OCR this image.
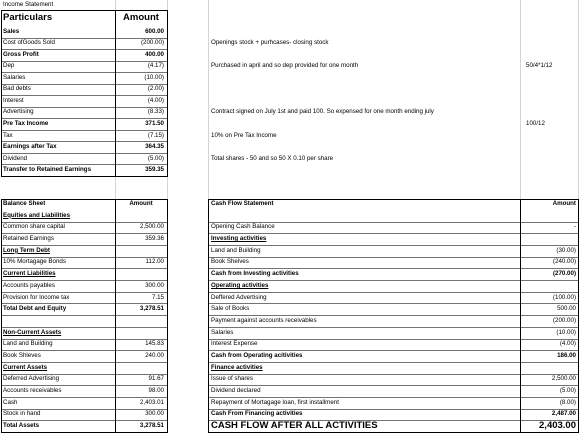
Income Statement
Particulars	Amount
Sales	600.00
Cost ofGoods Sold	(200.00)	Openings stock + purhcases- closing stock
Gross Profit	400.00
Dep	(4.17)	Purchased in april and so dep provided for one month	50/4*1/12
Salaries	(10.00)
Bad debts	(2.00)
Interest	(4.00)
Advertising	(8.33)	Contract signed on July 1st and paid 100. So expensed for one month ending july
Pre Tax Income	371.50	100/12
Tax	(7.15)	10% on Pre Tax Income
Earnings after Tax	364.35
Dividend	(5.00)	Total shares - 50 and so 50 X 0.10 per share
Transfer to Retained Earnings	359.35
Balance Sheet	Amount
Equities and Liabilities
Common share capital	2,500.00
Retained Earnings	359.36
Long Term Debt
10% Mortagage Bonds	112.00
Current Liabilities
Accounts payables	300.00
Provision for Income tax	7.15
Total Debt and Equity	3,278.51
Non-Current Assets
Land and Building	145.83
Book Shleves	240.00
Current Assets
Deferred Advertising	91.67
Accounts receivables	98.00
Cash	2,403.01
Stock in hand	300.00
Total Assets	3,278.51
Cash Flow Statement	Amount
Opening Cash Balance	-
Investing activities
Land and Building	(30.00)
Book Shelves	(240.00)
Cash from Investing activities	(270.00)
Operating activities
Deffered Advertising	(100.00)
Sale of Books	500.00
Payment against accounts receivables	(200.00)
Salaries	(10.00)
Interest Expense	(4.00)
Cash from Operating acitivities	186.00
Finance activities
Issue of shares	2,500.00
Dividend declared	(5.00)
Repayment of Mortagage loan, first installment	(8.00)
Cash From Financing activities	2,487.00
CASH FLOW AFTER ALL ACTIVITIES	2,403.00
